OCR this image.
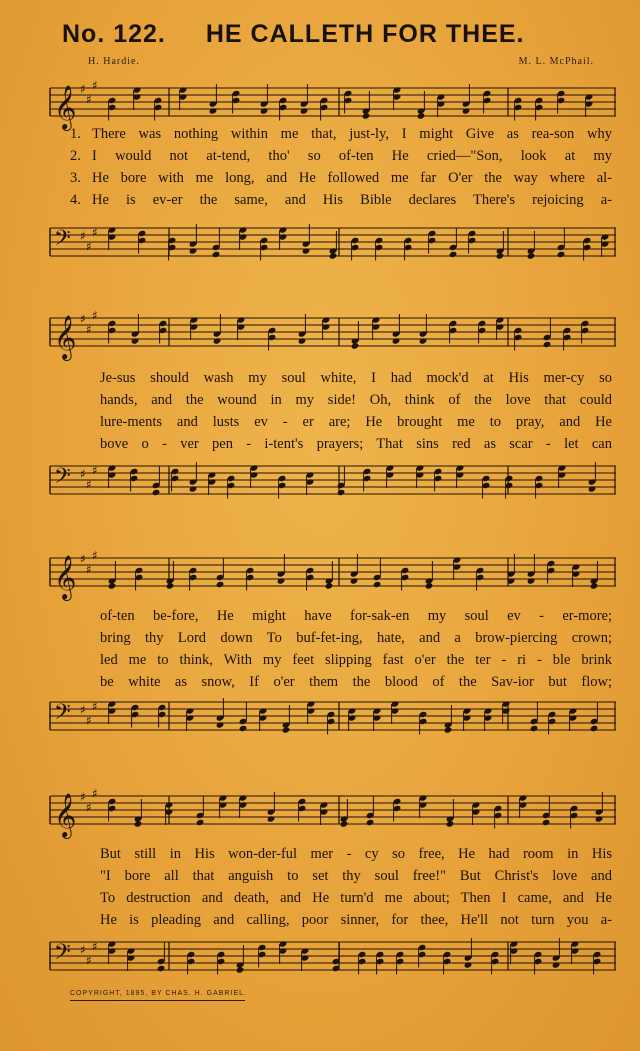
No. 122. HE CALLETH FOR THEE.
H. Hardie.	M. L. McPhail.
𝄞 ♯
♯
♯
1. There was nothing within me that, just-ly, I might Give as rea-son why
2. I would not at-tend, tho' so of-ten He cried—"Son, look at my
3. He bore with me long, and He followed me far O'er the way where al-
4. He is ev-er the same, and His Bible declares There's rejoicing a-
𝄢 ♯
♯
♯
𝄞 ♯
♯
♯
Je-sus should wash my soul white, I had mock'd at His mer-cy so
hands, and the wound in my side! Oh, think of the love that could
lure-ments and lusts ev - er are; He brought me to pray, and He
bove o - ver pen - i-tent's prayers; That sins red as scar - let can
𝄢 ♯
♯
♯
𝄞 ♯
♯
♯
of-ten be-fore, He might have for-sak-en my soul ev - er-more;
bring thy Lord down To buf-fet-ing, hate, and a brow-piercing crown;
led me to think, With my feet slipping fast o'er the ter - ri - ble brink
be white as snow, If o'er them the blood of the Sav-ior but flow;
𝄢 ♯
♯
♯
𝄞 ♯
♯
♯
But still in His won-der-ful mer - cy so free, He had room in His
"I bore all that anguish to set thy soul free!" But Christ's love and
To destruction and death, and He turn'd me about; Then I came, and He
He is pleading and calling, poor sinner, for thee, He'll not turn you a-
𝄢 ♯
♯
♯
COPYRIGHT, 1895, BY CHAS. H. GABRIEL.
